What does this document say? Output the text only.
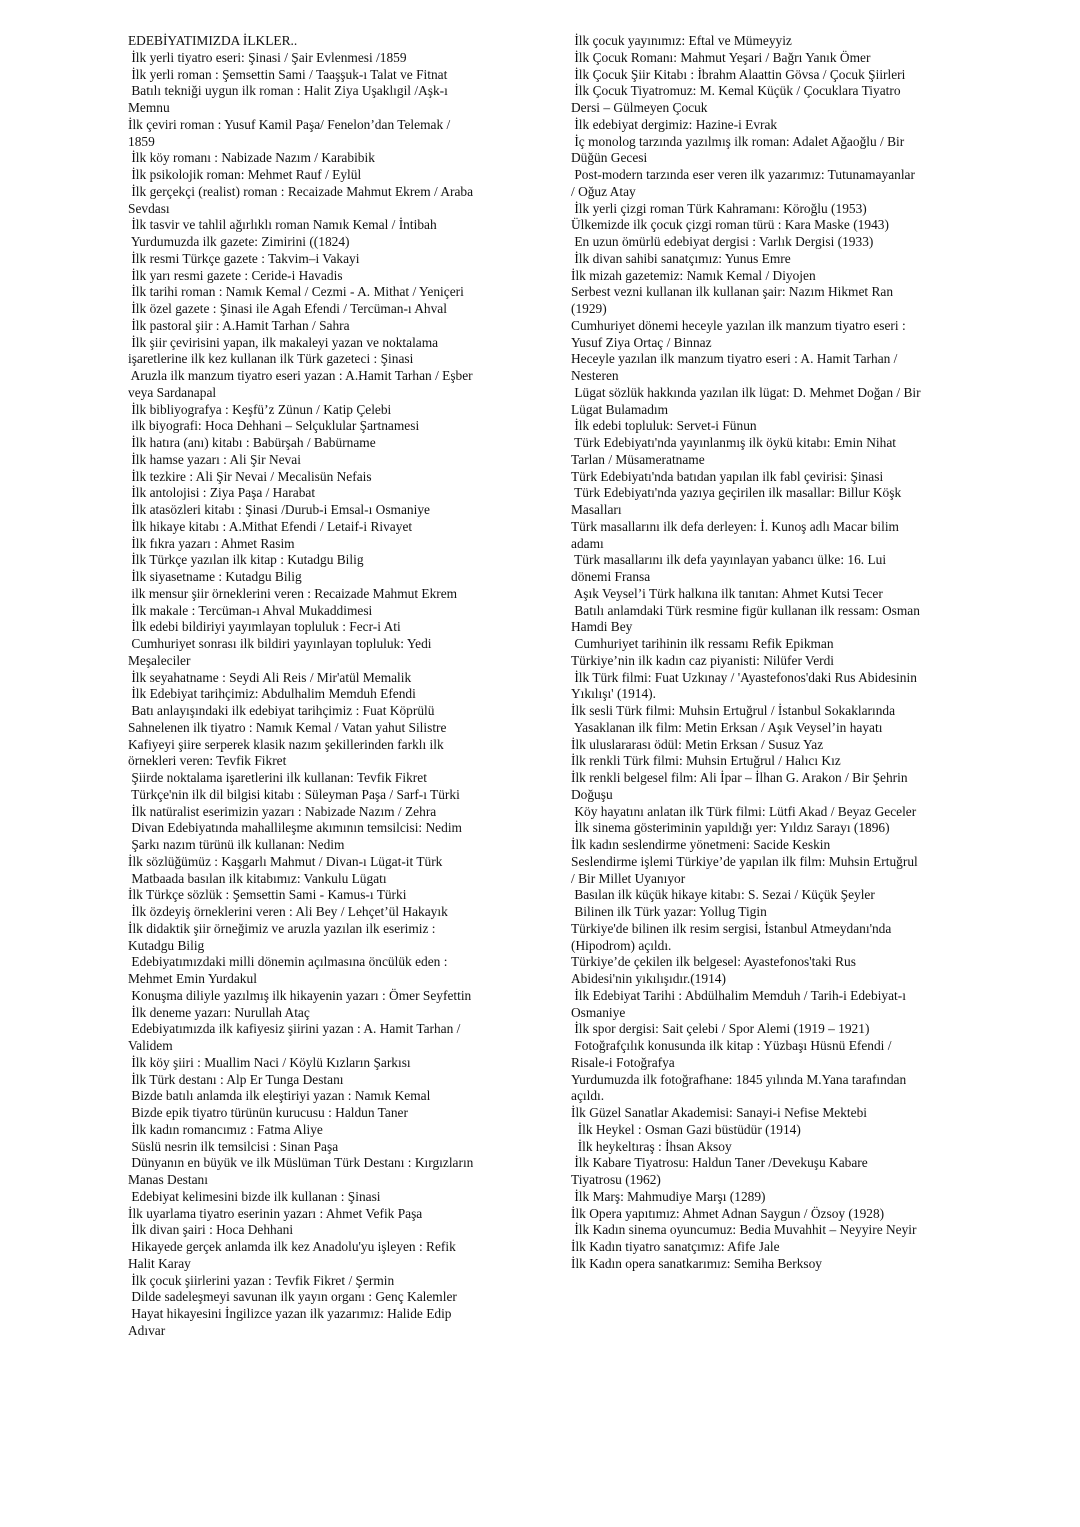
EDEBİYATIMIZDA İLKLER..
İlk yerli tiyatro eseri: Şinasi / Şair Evlenmesi /1859
İlk yerli roman : Şemsettin Sami / Taaşşuk-ı Talat ve Fitnat
Batılı tekniği uygun ilk roman : Halit Ziya Uşaklıgil /Aşk-ı
Memnu
İlk çeviri roman : Yusuf Kamil Paşa/ Fenelon’dan Telemak /
1859
İlk köy romanı : Nabizade Nazım / Karabibik
İlk psikolojik roman: Mehmet Rauf / Eylül
İlk gerçekçi (realist) roman : Recaizade Mahmut Ekrem / Araba
Sevdası
İlk tasvir ve tahlil ağırlıklı roman Namık Kemal / İntibah
Yurdumuzda ilk gazete: Zimirini ((1824)
İlk resmi Türkçe gazete : Takvim–i Vakayi
İlk yarı resmi gazete : Ceride-i Havadis
İlk tarihi roman : Namık Kemal / Cezmi - A. Mithat / Yeniçeri
İlk özel gazete : Şinasi ile Agah Efendi / Tercüman-ı Ahval
İlk pastoral şiir : A.Hamit Tarhan / Sahra
İlk şiir çevirisini yapan, ilk makaleyi yazan ve noktalama
işaretlerine ilk kez kullanan ilk Türk gazeteci : Şinasi
Aruzla ilk manzum tiyatro eseri yazan : A.Hamit Tarhan / Eşber
veya Sardanapal
İlk bibliyografya : Keşfü’z Zünun / Katip Çelebi
ilk biyografi: Hoca Dehhani – Selçuklular Şartnamesi
İlk hatıra (anı) kitabı : Babürşah / Babürname
İlk hamse yazarı : Ali Şir Nevai
İlk tezkire : Ali Şir Nevai / Mecalisün Nefais
İlk antolojisi : Ziya Paşa / Harabat
İlk atasözleri kitabı : Şinasi /Durub-i Emsal-ı Osmaniye
İlk hikaye kitabı : A.Mithat Efendi / Letaif-i Rivayet
İlk fıkra yazarı : Ahmet Rasim
İlk Türkçe yazılan ilk kitap : Kutadgu Bilig
İlk siyasetname : Kutadgu Bilig
ilk mensur şiir örneklerini veren : Recaizade Mahmut Ekrem
İlk makale : Tercüman-ı Ahval Mukaddimesi
İlk edebi bildiriyi yayımlayan topluluk : Fecr-i Ati
Cumhuriyet sonrası ilk bildiri yayınlayan topluluk: Yedi
Meşaleciler
İlk seyahatname : Seydi Ali Reis / Mir'atül Memalik
İlk Edebiyat tarihçimiz: Abdulhalim Memduh Efendi
Batı anlayışındaki ilk edebiyat tarihçimiz : Fuat Köprülü
Sahnelenen ilk tiyatro : Namık Kemal / Vatan yahut Silistre
Kafiyeyi şiire serperek klasik nazım şekillerinden farklı ilk
örnekleri veren: Tevfik Fikret
Şiirde noktalama işaretlerini ilk kullanan: Tevfik Fikret
Türkçe'nin ilk dil bilgisi kitabı : Süleyman Paşa / Sarf-ı Türki
İlk natüralist eserimizin yazarı : Nabizade Nazım / Zehra
Divan Edebiyatında mahallileşme akımının temsilcisi: Nedim
Şarkı nazım türünü ilk kullanan: Nedim
İlk sözlüğümüz : Kaşgarlı Mahmut / Divan-ı Lügat-it Türk
Matbaada basılan ilk kitabımız: Vankulu Lügatı
İlk Türkçe sözlük : Şemsettin Sami - Kamus-ı Türki
İlk özdeyiş örneklerini veren : Ali Bey / Lehçet’ül Hakayık
İlk didaktik şiir örneğimiz ve aruzla yazılan ilk eserimiz :
Kutadgu Bilig
Edebiyatımızdaki milli dönemin açılmasına öncülük eden :
Mehmet Emin Yurdakul
Konuşma diliyle yazılmış ilk hikayenin yazarı : Ömer Seyfettin
İlk deneme yazarı: Nurullah Ataç
Edebiyatımızda ilk kafiyesiz şiirini yazan : A. Hamit Tarhan /
Validem
İlk köy şiiri : Muallim Naci / Köylü Kızların Şarkısı
İlk Türk destanı : Alp Er Tunga Destanı
Bizde batılı anlamda ilk eleştiriyi yazan : Namık Kemal
Bizde epik tiyatro türünün kurucusu : Haldun Taner
İlk kadın romancımız : Fatma Aliye
Süslü nesrin ilk temsilcisi : Sinan Paşa
Dünyanın en büyük ve ilk Müslüman Türk Destanı : Kırgızların
Manas Destanı
Edebiyat kelimesini bizde ilk kullanan : Şinasi
İlk uyarlama tiyatro eserinin yazarı : Ahmet Vefik Paşa
İlk divan şairi : Hoca Dehhani
Hikayede gerçek anlamda ilk kez Anadolu'yu işleyen : Refik
Halit Karay
İlk çocuk şiirlerini yazan : Tevfik Fikret / Şermin
Dilde sadeleşmeyi savunan ilk yayın organı : Genç Kalemler
Hayat hikayesini İngilizce yazan ilk yazarımız: Halide Edip
Adıvar
İlk çocuk yayınımız: Eftal ve Mümeyyiz
İlk Çocuk Romanı: Mahmut Yeşari / Bağrı Yanık Ömer
İlk Çocuk Şiir Kitabı : İbrahm Alaattin Gövsa / Çocuk Şiirleri
İlk Çocuk Tiyatromuz: M. Kemal Küçük / Çocuklara Tiyatro
Dersi – Gülmeyen Çocuk
İlk edebiyat dergimiz: Hazine-i Evrak
İç monolog tarzında yazılmış ilk roman: Adalet Ağaoğlu / Bir
Düğün Gecesi
Post-modern tarzında eser veren ilk yazarımız: Tutunamayanlar
/ Oğuz Atay
İlk yerli çizgi roman Türk Kahramanı: Köroğlu (1953)
Ülkemizde ilk çocuk çizgi roman türü : Kara Maske (1943)
En uzun ömürlü edebiyat dergisi : Varlık Dergisi (1933)
İlk divan sahibi sanatçımız: Yunus Emre
İlk mizah gazetemiz: Namık Kemal / Diyojen
Serbest vezni kullanan ilk kullanan şair: Nazım Hikmet Ran
(1929)
Cumhuriyet dönemi heceyle yazılan ilk manzum tiyatro eseri :
Yusuf Ziya Ortaç / Binnaz
Heceyle yazılan ilk manzum tiyatro eseri : A. Hamit Tarhan /
Nesteren
Lügat sözlük hakkında yazılan ilk lügat: D. Mehmet Doğan / Bir
Lügat Bulamadım
İlk edebi topluluk: Servet-i Fünun
Türk Edebiyatı'nda yayınlanmış ilk öykü kitabı: Emin Nihat
Tarlan / Müsameratname
Türk Edebiyatı'nda batıdan yapılan ilk fabl çevirisi: Şinasi
Türk Edebiyatı'nda yazıya geçirilen ilk masallar: Billur Köşk
Masalları
Türk masallarını ilk defa derleyen: İ. Kunoş adlı Macar bilim
adamı
Türk masallarını ilk defa yayınlayan yabancı ülke: 16. Lui
dönemi Fransa
Aşık Veysel’i Türk halkına ilk tanıtan: Ahmet Kutsi Tecer
Batılı anlamdaki Türk resmine figür kullanan ilk ressam: Osman
Hamdi Bey
Cumhuriyet tarihinin ilk ressamı Refik Epikman
Türkiye’nin ilk kadın caz piyanisti: Nilüfer Verdi
İlk Türk filmi: Fuat Uzkınay / 'Ayastefonos'daki Rus Abidesinin
Yıkılışı' (1914).
İlk sesli Türk filmi: Muhsin Ertuğrul / İstanbul Sokaklarında
Yasaklanan ilk film: Metin Erksan / Aşık Veysel’in hayatı
İlk uluslararası ödül: Metin Erksan / Susuz Yaz
İlk renkli Türk filmi: Muhsin Ertuğrul / Halıcı Kız
İlk renkli belgesel film: Ali İpar – İlhan G. Arakon / Bir Şehrin
Doğuşu
Köy hayatını anlatan ilk Türk filmi: Lütfi Akad / Beyaz Geceler
İlk sinema gösteriminin yapıldığı yer: Yıldız Sarayı (1896)
İlk kadın seslendirme yönetmeni: Sacide Keskin
Seslendirme işlemi Türkiye’de yapılan ilk film: Muhsin Ertuğrul
/ Bir Millet Uyanıyor
Basılan ilk küçük hikaye kitabı: S. Sezai / Küçük Şeyler
Bilinen ilk Türk yazar: Yollug Tigin
Türkiye'de bilinen ilk resim sergisi, İstanbul Atmeydanı'nda
(Hipodrom) açıldı.
Türkiye’de çekilen ilk belgesel: Ayastefonos'taki Rus
Abidesi'nin yıkılışıdır.(1914)
İlk Edebiyat Tarihi : Abdülhalim Memduh / Tarih-i Edebiyat-ı
Osmaniye
İlk spor dergisi: Sait çelebi / Spor Alemi (1919 – 1921)
Fotoğrafçılık konusunda ilk kitap : Yüzbaşı Hüsnü Efendi /
Risale-i Fotoğrafya
Yurdumuzda ilk fotoğrafhane: 1845 yılında M.Yana tarafından
açıldı.
İlk Güzel Sanatlar Akademisi: Sanayi-i Nefise Mektebi
İlk Heykel : Osman Gazi büstüdür (1914)
İlk heykeltıraş : İhsan Aksoy
İlk Kabare Tiyatrosu: Haldun Taner /Devekuşu Kabare
Tiyatrosu (1962)
İlk Marş: Mahmudiye Marşı (1289)
İlk Opera yapıtımız: Ahmet Adnan Saygun / Özsoy (1928)
İlk Kadın sinema oyuncumuz: Bedia Muvahhit – Neyyire Neyir
İlk Kadın tiyatro sanatçımız: Afife Jale
İlk Kadın opera sanatkarımız: Semiha Berksoy
